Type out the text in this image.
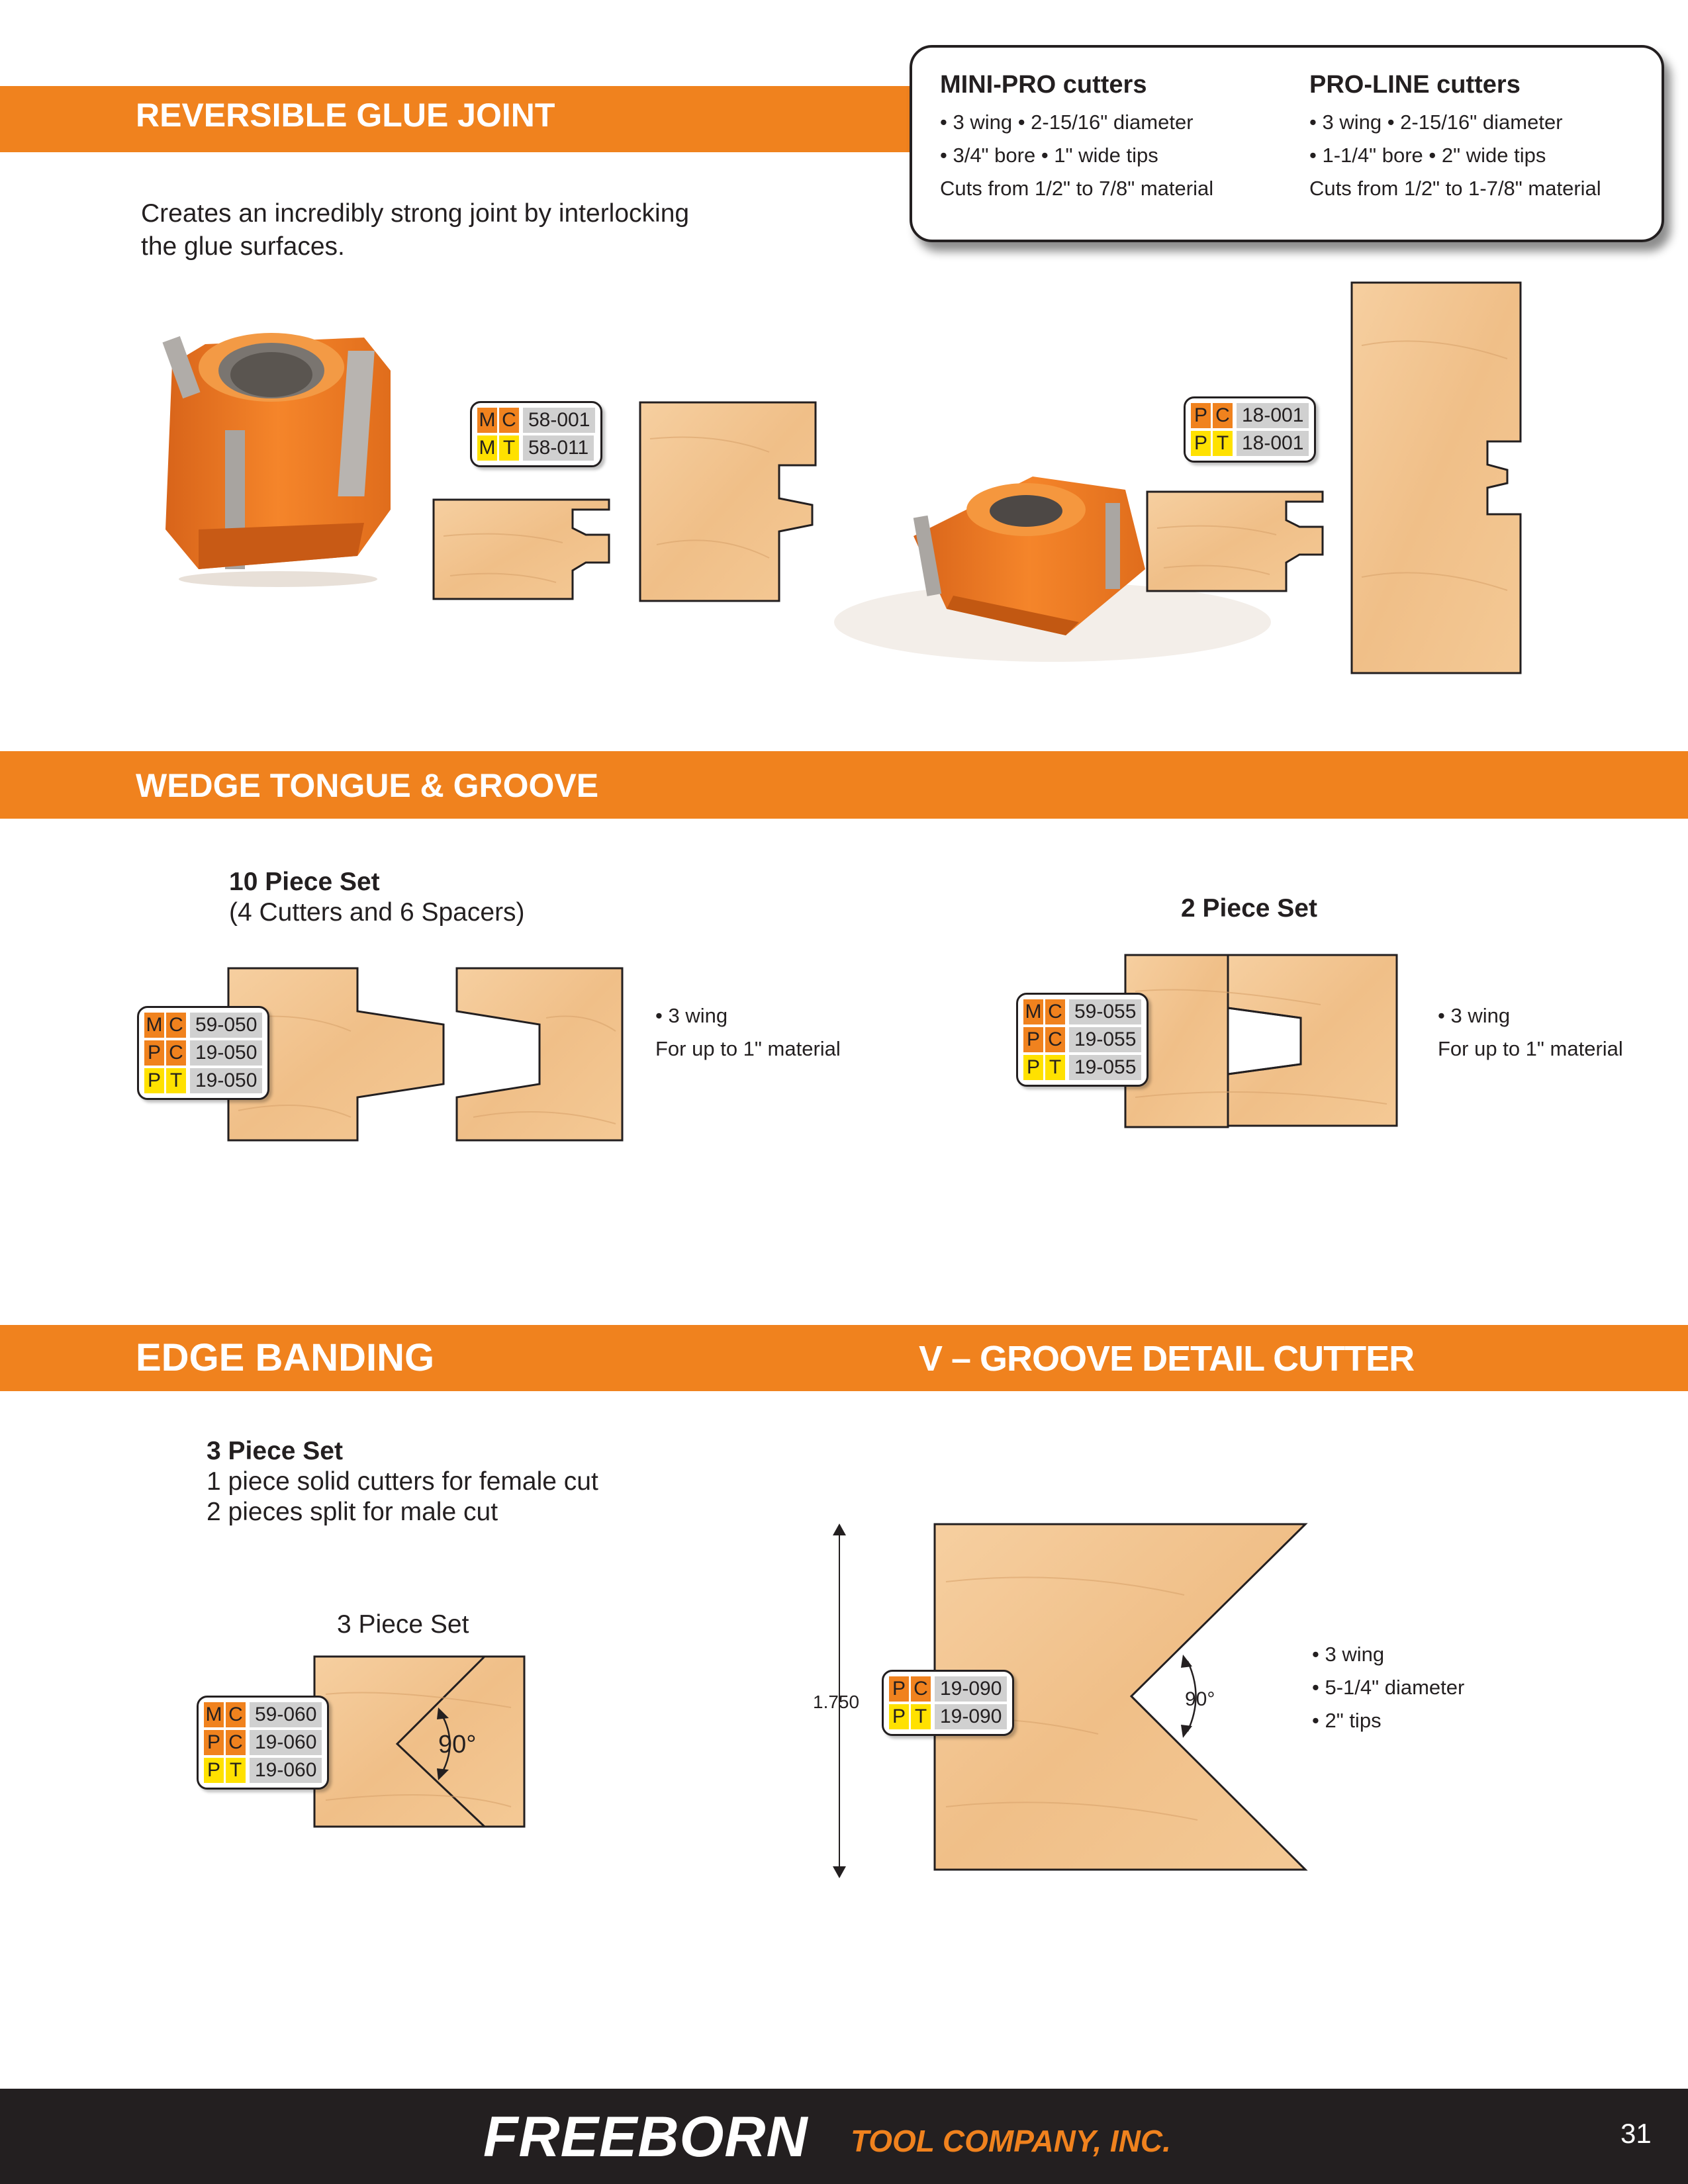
REVERSIBLE GLUE JOINT
MINI-PRO cutters
• 3 wing • 2-15/16" diameter
• 3/4" bore • 1" wide tips
Cuts from 1/2" to 7/8" material
PRO-LINE cutters
• 3 wing • 2-15/16" diameter
• 1-1/4" bore • 2" wide tips
Cuts from 1/2" to 1-7/8" material
Creates an incredibly strong joint by interlocking
the glue surfaces.
M C 58-001
M T 58-011
P C 18-001
P T 18-001
WEDGE TONGUE & GROOVE
10 Piece Set
(4 Cutters and 6 Spacers)	2 Piece Set
M C 59-050
P C 19-050
P T 19-050
• 3 wing
For up to 1" material
M C 59-055
P C 19-055
P T 19-055
• 3 wing
For up to 1" material
EDGE BANDING	V – GROOVE DETAIL CUTTER
3 Piece Set
1 piece solid cutters for female cut
2 pieces split for male cut
3 Piece Set
90°
M C 59-060
P C 19-060
P T 19-060
1.750	90°
P C 19-090
P T 19-090
• 3 wing
• 5-1/4" diameter
• 2" tips
FREEBORN TOOL COMPANY, INC.	31
